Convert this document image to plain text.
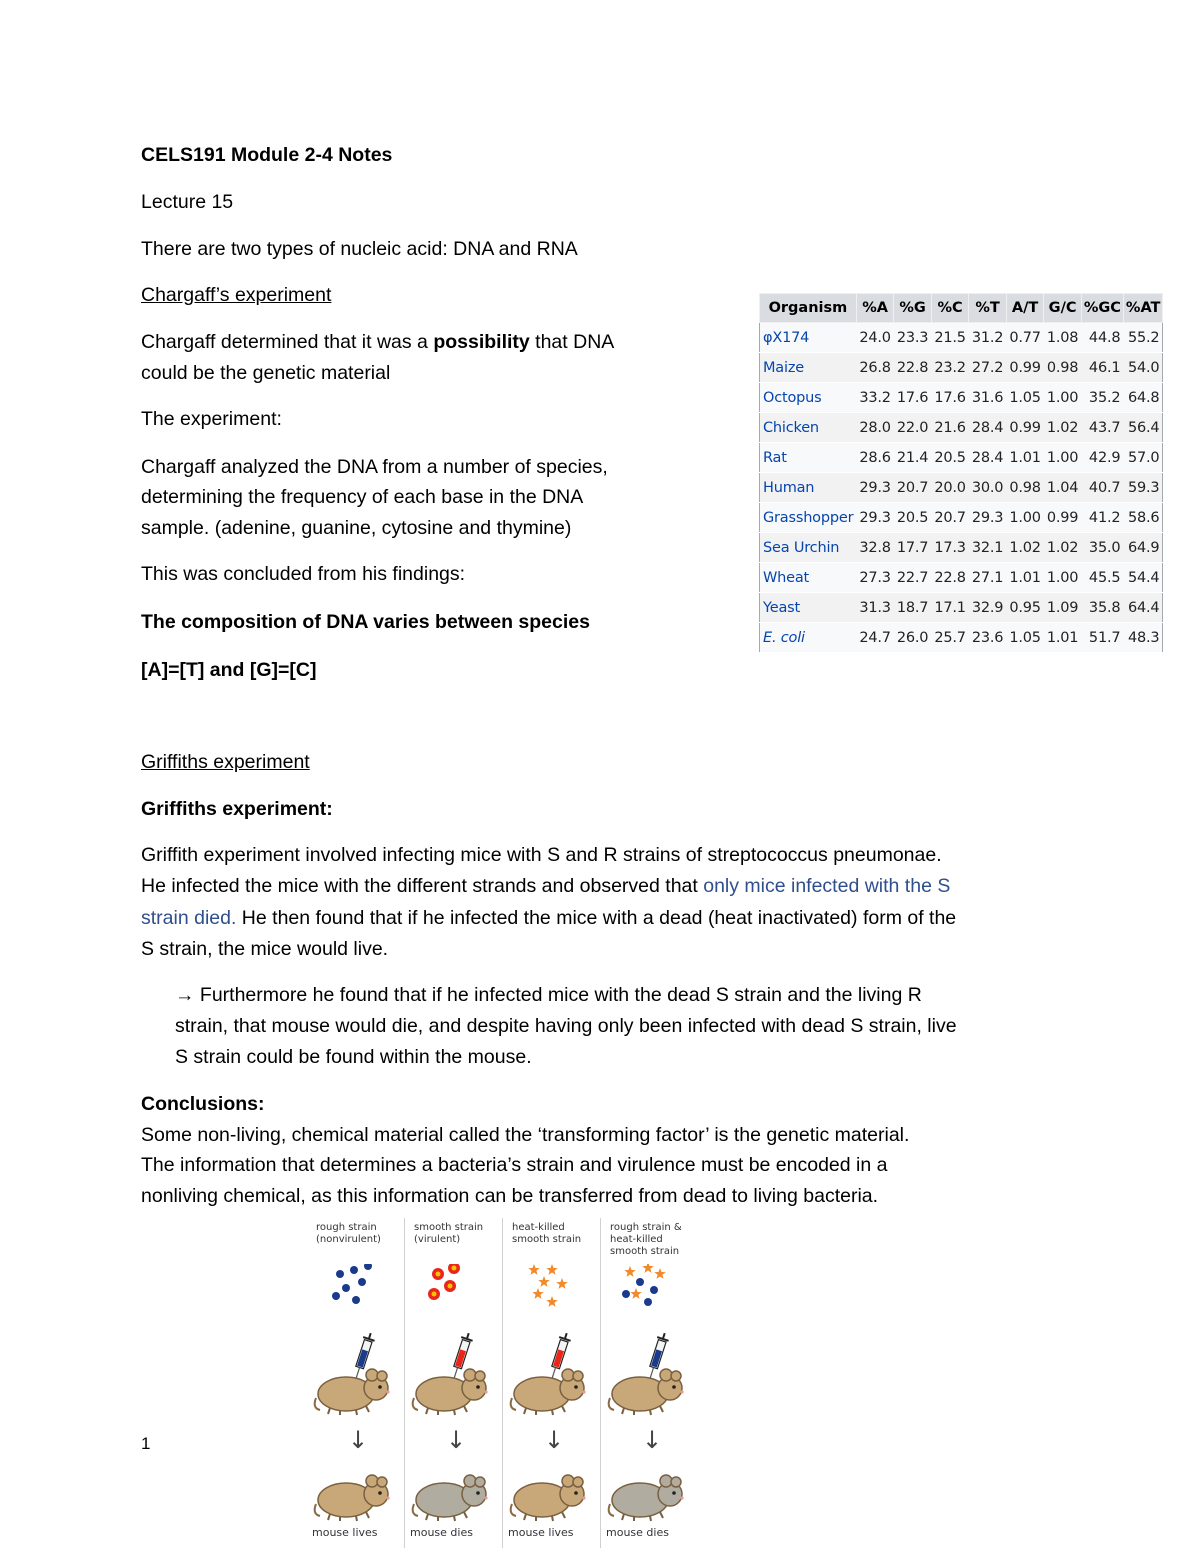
CELS191 Module 2-4 Notes
Lecture 15
There are two types of nucleic acid: DNA and RNA
Chargaff’s experiment
Chargaff determined that it was a possibility that DNA
could be the genetic material
The experiment:
Chargaff analyzed the DNA from a number of species,
determining the frequency of each base in the DNA
sample. (adenine, guanine, cytosine and thymine)
This was concluded from his findings:
The composition of DNA varies between species
[A]=[T] and [G]=[C]
Organism	%A	%G	%C	%T	A/T	G/C	%GC	%AT
φX174	24.0	23.3	21.5	31.2	0.77	1.08	44.8	55.2
Maize	26.8	22.8	23.2	27.2	0.99	0.98	46.1	54.0
Octopus	33.2	17.6	17.6	31.6	1.05	1.00	35.2	64.8
Chicken	28.0	22.0	21.6	28.4	0.99	1.02	43.7	56.4
Rat	28.6	21.4	20.5	28.4	1.01	1.00	42.9	57.0
Human	29.3	20.7	20.0	30.0	0.98	1.04	40.7	59.3
Grasshopper	29.3	20.5	20.7	29.3	1.00	0.99	41.2	58.6
Sea Urchin	32.8	17.7	17.3	32.1	1.02	1.02	35.0	64.9
Wheat	27.3	22.7	22.8	27.1	1.01	1.00	45.5	54.4
Yeast	31.3	18.7	17.1	32.9	0.95	1.09	35.8	64.4
E. coli	24.7	26.0	25.7	23.6	1.05	1.01	51.7	48.3
Griffiths experiment
Griffiths experiment:
Griffith experiment involved infecting mice with S and R strains of streptococcus pneumonae.
He infected the mice with the different strands and observed that only mice infected with the S
strain died. He then found that if he infected the mice with a dead (heat inactivated) form of the
S strain, the mice would live.
→ Furthermore he found that if he infected mice with the dead S strain and the living R
strain, that mouse would die, and despite having only been infected with dead S strain, live
S strain could be found within the mouse.
Conclusions:
Some non-living, chemical material called the ‘transforming factor’ is the genetic material.
The information that determines a bacteria’s strain and virulence must be encoded in a
nonliving chemical, as this information can be transferred from dead to living bacteria.
rough strain
(nonvirulent)
↓
mouse lives
smooth strain
(virulent)
↓
mouse dies
heat-killed
smooth strain
↓
mouse lives
rough strain &
heat-killed
smooth strain
↓
mouse dies
1
